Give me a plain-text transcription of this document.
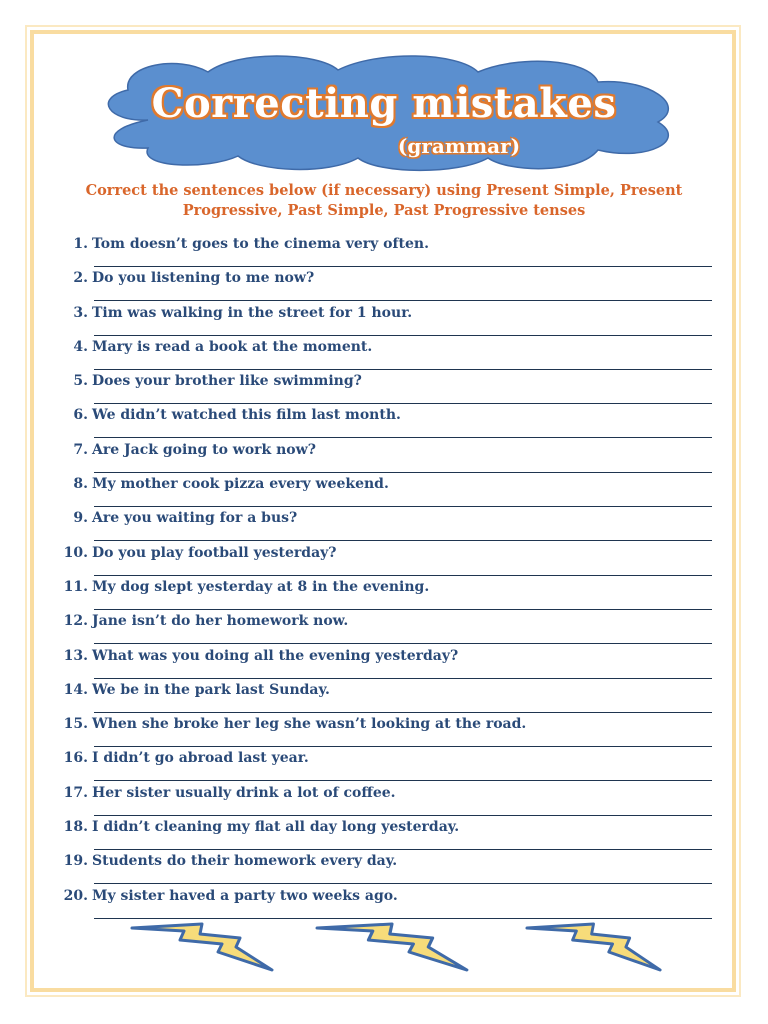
Correcting mistakes
(grammar)
Correct the sentences below (if necessary) using Present Simple, Present Progressive, Past Simple, Past Progressive tenses
1. Tom doesn’t goes to the cinema very often.
2. Do you listening to me now?
3. Tim was walking in the street for 1 hour.
4. Mary is read a book at the moment.
5. Does your brother like swimming?
6. We didn’t watched this film last month.
7. Are Jack going to work now?
8. My mother cook pizza every weekend.
9. Are you waiting for a bus?
10. Do you play football yesterday?
11. My dog slept yesterday at 8 in the evening.
12. Jane isn’t do her homework now.
13. What was you doing all the evening yesterday?
14. We be in the park last Sunday.
15. When she broke her leg she wasn’t looking at the road.
16. I didn’t go abroad last year.
17. Her sister usually drink a lot of coffee.
18. I didn’t cleaning my flat all day long yesterday.
19. Students do their homework every day.
20. My sister haved a party two weeks ago.
